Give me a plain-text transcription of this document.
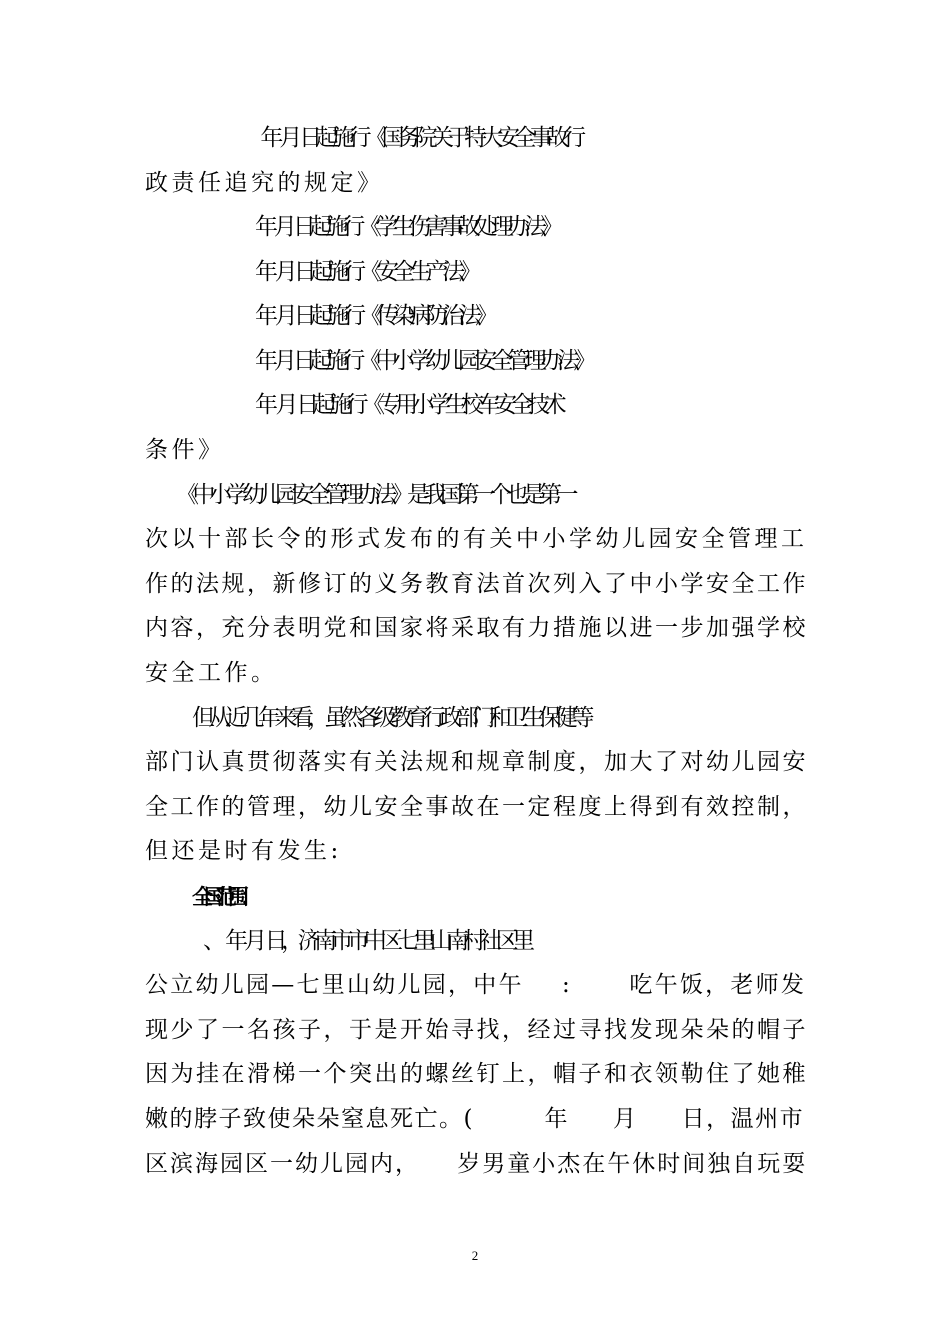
年   月    日起施行《国务院关于特大安全事故行
政责任追究的规定》
年   月   日起施行《学生伤害事故处理办法》
年    月   日起施行《安全生产法》
年    月   日起施行《传染病防治法》
年   月   日起施行《中小学幼儿园安全管理办法》
年     月     日起施行《专用小学生校车安全技术
条件》
《中小学幼儿园安全管理办法》是我国第一个也是第一
次以十部长令的形式发布的有关中小学幼儿园安全管理工
作的法规，新修订的义务教育法首次列入了中小学安全工作
内容，充分表明党和国家将采取有力措施以进一步加强学校
安全工作。
但从近几年来看，虽然各级教育行政部门和卫生保健等
部门认真贯彻落实有关法规和规章制度，加大了对幼儿园安
全工作的管理，幼儿安全事故在一定程度上得到有效控制，
但还是时有发生:
全国范围：
、       年   月     日，济南市市中区七里山南村社区里
公立幼儿园—七里山幼儿园，中午    :      吃午饭，老师发
现少了一名孩子，于是开始寻找，经过寻找发现朵朵的帽子
因为挂在滑梯一个突出的螺丝钉上，帽子和衣领勒住了她稚
嫩的脖子致使朵朵窒息死亡。(        年     月     日，温州市
区滨海园区一幼儿园内，    岁男童小杰在午休时间独自玩耍
2
